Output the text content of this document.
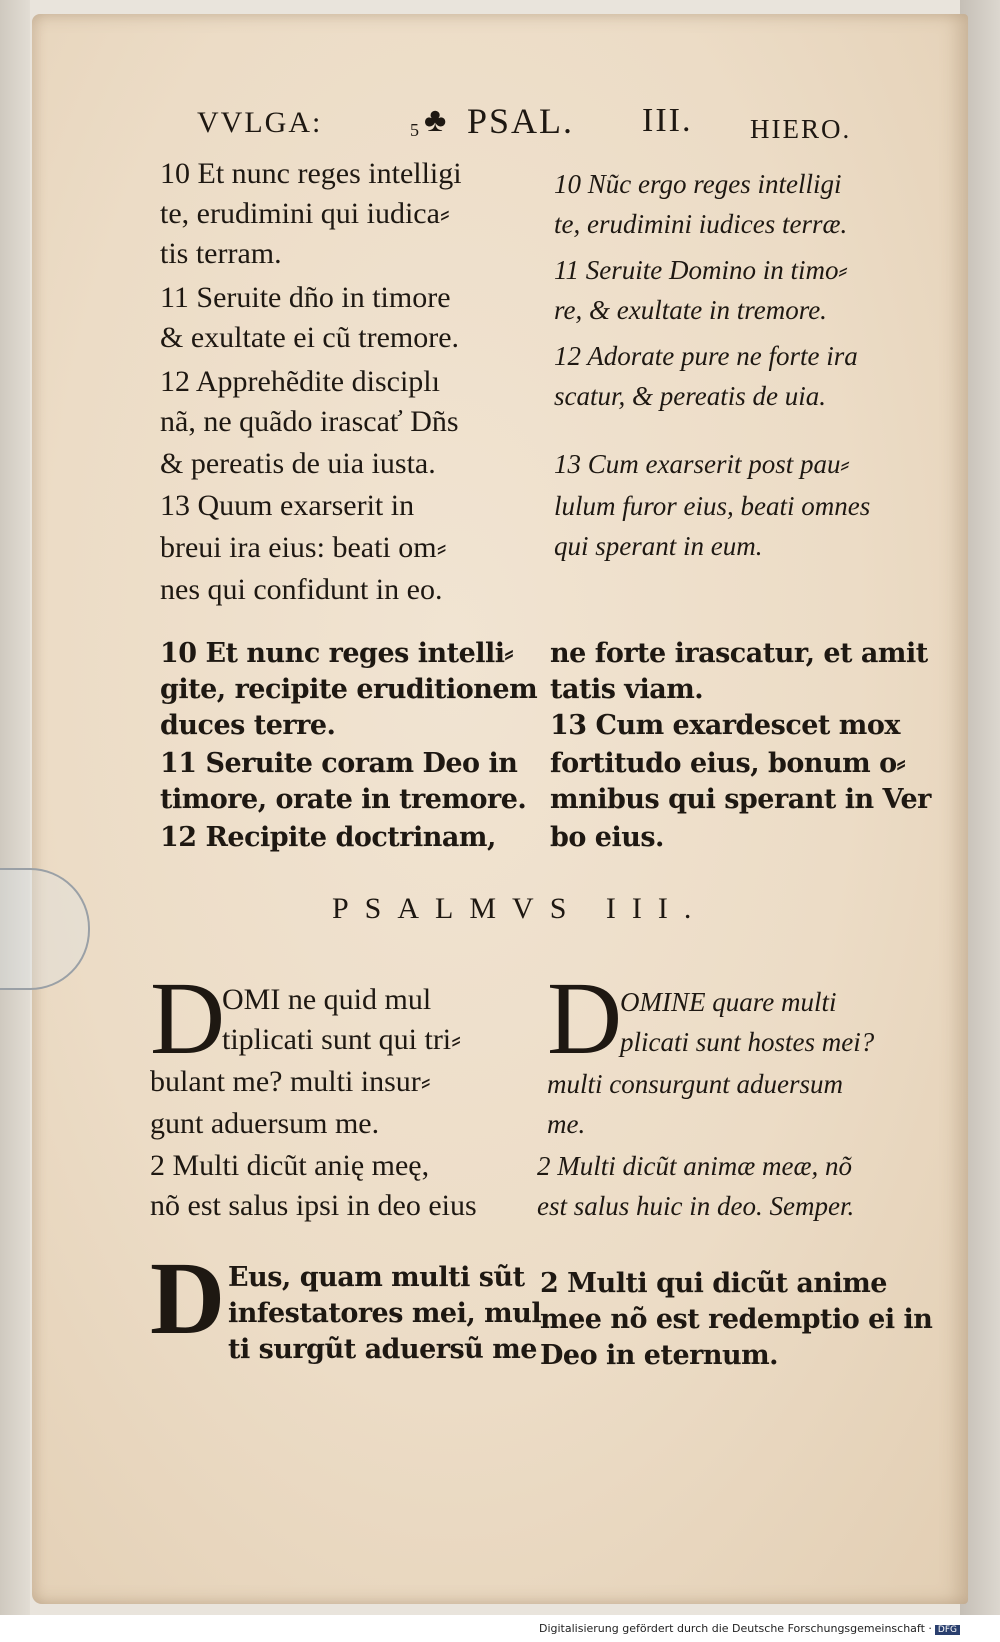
VVLGA:	5 ♣ PSAL. III. HIERO.
10 Et nunc reges intelligi
te, erudimini qui iudica⸗
tis terram.
11 Seruite dño in timore
& exultate ei cũ tremore.
12 Apprehẽdite disciplı
nã, ne quãdo irascať Dñs
& pereatis de uia iusta.
13 Quum exarserit in
breui ira eius: beati om⸗
nes qui confidunt in eo.
10 Nũc ergo reges intelligi
te, erudimini iudices terræ.
11 Seruite Domino in timo⸗
re, & exultate in tremore.
12 Adorate pure ne forte ira
scatur, & pereatis de uia.
13 Cum exarserit post pau⸗
lulum furor eius, beati omnes
qui sperant in eum.
10 Et nunc reges intelli⸗
gite, recipite eruditionem
duces terre.
11 Seruite coram Deo in
timore, orate in tremore.
12 Recipite doctrinam,
ne forte irascatur, et amit
tatis viam.
13 Cum exardescet mox
fortitudo eius, bonum o⸗
mnibus qui sperant in Ver
bo eius.
PSALMVS III.
D
OMI ne quid mul
tiplicati sunt qui tri⸗
bulant me? multi insur⸗
gunt aduersum me.
2 Multi dicũt anię meę,
nõ est salus ipsi in deo eius
D
OMINE quare multi
plicati sunt hostes mei?
multi consurgunt aduersum
me.
2 Multi dicũt animæ meæ, nõ
est salus huic in deo. Semper.
D Eus, quam multi sũt
infestatores mei, mul
ti surgũt aduersũ me
2 Multi qui dicũt anime
mee nõ est redemptio ei in
Deo in eternum.
Digitalisierung gefördert durch die Deutsche Forschungsgemeinschaft · DFG
